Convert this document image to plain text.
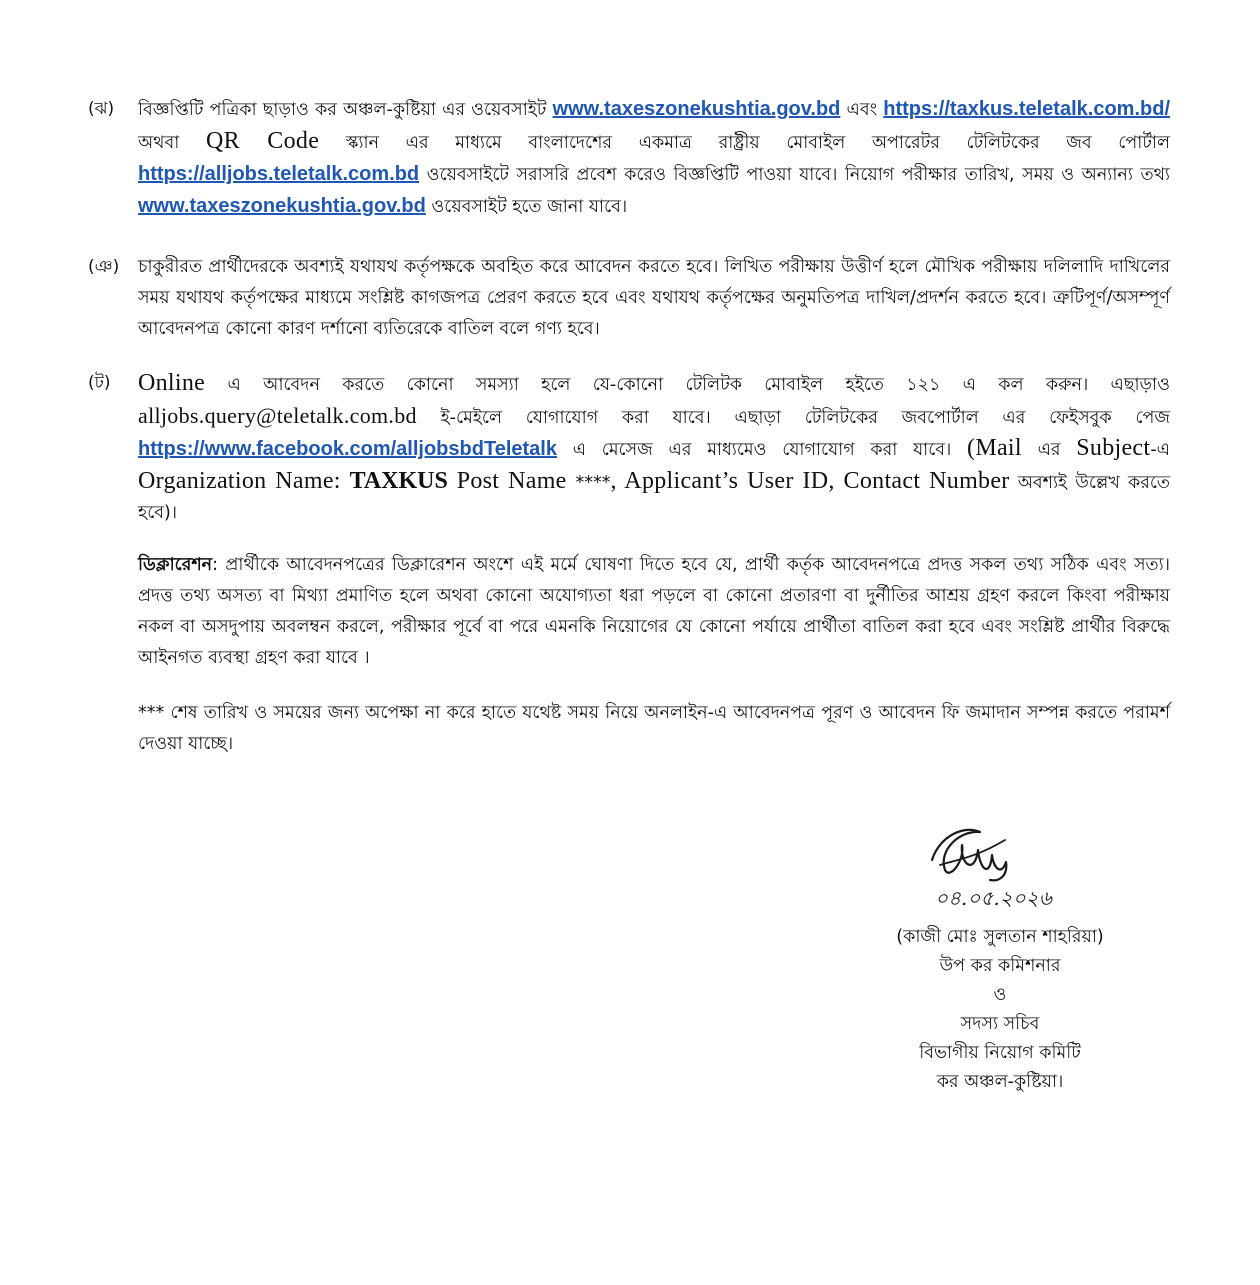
(ঝ) বিজ্ঞপ্তিটি পত্রিকা ছাড়াও কর অঞ্চল-কুষ্টিয়া এর ওয়েবসাইট www.taxeszonekushtia.gov.bd এবং https://taxkus.teletalk.com.bd/ অথবা QR Code স্ক্যান এর মাধ্যমে বাংলাদেশের একমাত্র রাষ্ট্রীয় মোবাইল অপারেটর টেলিটকের জব পোর্টাল https://alljobs.teletalk.com.bd ওয়েবসাইটে সরাসরি প্রবেশ করেও বিজ্ঞপ্তিটি পাওয়া যাবে। নিয়োগ পরীক্ষার তারিখ, সময় ও অন্যান্য তথ্য www.taxeszonekushtia.gov.bd ওয়েবসাইট হতে জানা যাবে।
(ঞ) চাকুরীরত প্রার্থীদেরকে অবশ্যই যথাযথ কর্তৃপক্ষকে অবহিত করে আবেদন করতে হবে। লিখিত পরীক্ষায় উত্তীর্ণ হলে মৌখিক পরীক্ষায় দলিলাদি দাখিলের সময় যথাযথ কর্তৃপক্ষের মাধ্যমে সংশ্লিষ্ট কাগজপত্র প্রেরণ করতে হবে এবং যথাযথ কর্তৃপক্ষের অনুমতিপত্র দাখিল/প্রদর্শন করতে হবে। ত্রুটিপূর্ণ/অসম্পূর্ণ আবেদনপত্র কোনো কারণ দর্শানো ব্যতিরেকে বাতিল বলে গণ্য হবে।
(ট) Online এ আবেদন করতে কোনো সমস্যা হলে যে-কোনো টেলিটক মোবাইল হইতে ১২১ এ কল করুন। এছাড়াও alljobs.query@teletalk.com.bd ই-মেইলে যোগাযোগ করা যাবে। এছাড়া টেলিটকের জবপোর্টাল এর ফেইসবুক পেজ https://www.facebook.com/alljobsbdTeletalk এ মেসেজ এর মাধ্যমেও যোগাযোগ করা যাবে। (Mail এর Subject-এ Organization Name: TAXKUS Post Name ****, Applicant’s User ID, Contact Number অবশ্যই উল্লেখ করতে হবে)।
ডিক্লারেশন: প্রার্থীকে আবেদনপত্রের ডিক্লারেশন অংশে এই মর্মে ঘোষণা দিতে হবে যে, প্রার্থী কর্তৃক আবেদনপত্রে প্রদত্ত সকল তথ্য সঠিক এবং সত্য। প্রদত্ত তথ্য অসত্য বা মিথ্যা প্রমাণিত হলে অথবা কোনো অযোগ্যতা ধরা পড়লে বা কোনো প্রতারণা বা দুর্নীতির আশ্রয় গ্রহণ করলে কিংবা পরীক্ষায় নকল বা অসদুপায় অবলম্বন করলে, পরীক্ষার পূর্বে বা পরে এমনকি নিয়োগের যে কোনো পর্যায়ে প্রার্থীতা বাতিল করা হবে এবং সংশ্লিষ্ট প্রার্থীর বিরুদ্ধে আইনগত ব্যবস্থা গ্রহণ করা যাবে ।
*** শেষ তারিখ ও সময়ের জন্য অপেক্ষা না করে হাতে যথেষ্ট সময় নিয়ে অনলাইন-এ আবেদনপত্র পূরণ ও আবেদন ফি জমাদান সম্পন্ন করতে পরামর্শ দেওয়া যাচ্ছে।
০৪.০৫.২০২৬
(কাজী মোঃ সুলতান শাহরিয়া)
উপ কর কমিশনার
ও
সদস্য সচিব
বিভাগীয় নিয়োগ কমিটি
কর অঞ্চল-কুষ্টিয়া।
